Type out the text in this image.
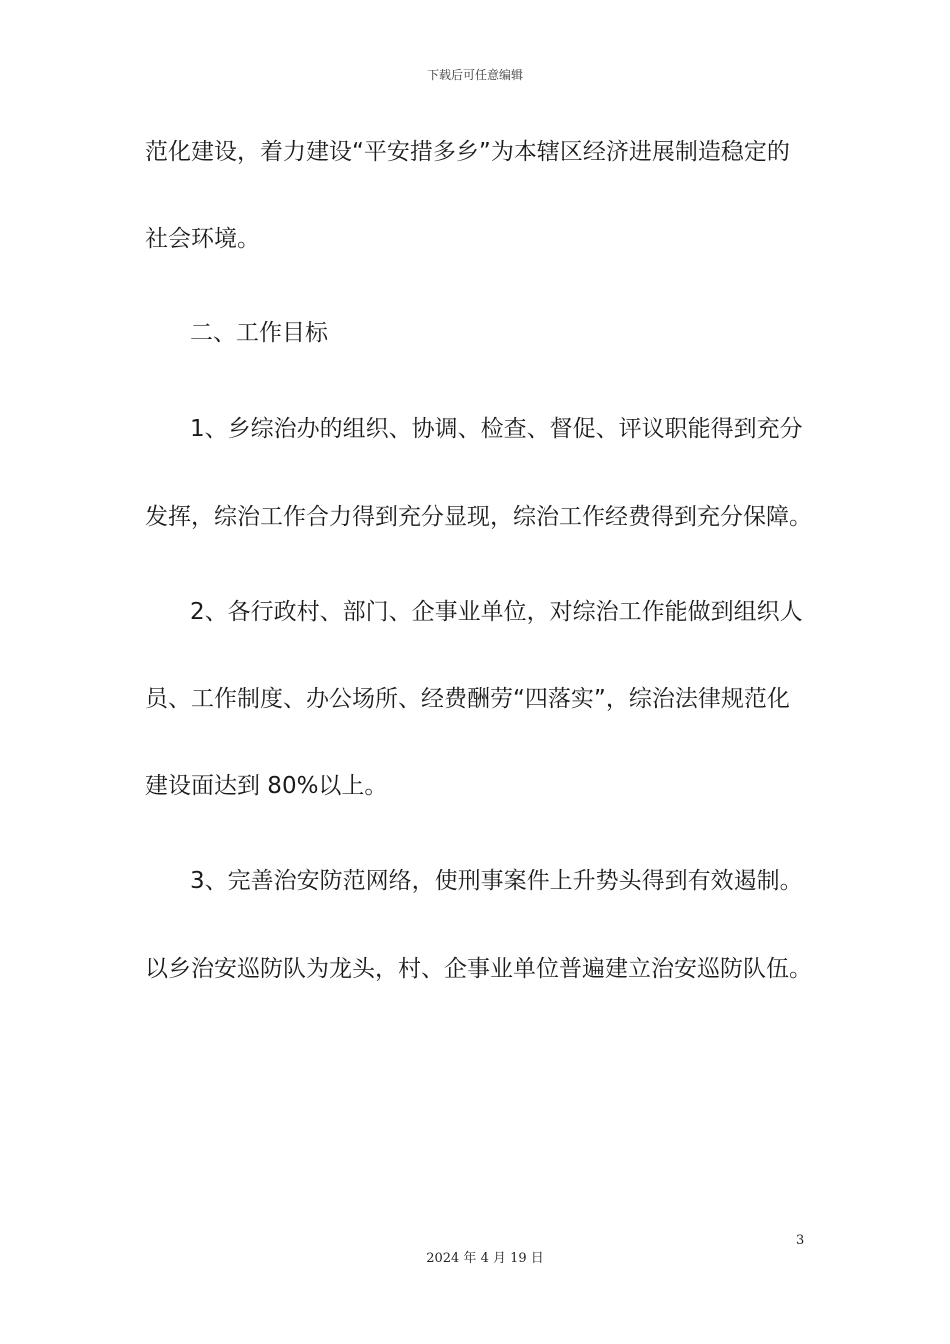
下载后可任意编辑
范化建设，着力建设“平安措多乡”为本辖区经济进展制造稳定的
社会环境。
二、工作目标
1、乡综治办的组织、协调、检查、督促、评议职能得到充分
发挥，综治工作合力得到充分显现，综治工作经费得到充分保障。
2、各行政村、部门、企事业单位，对综治工作能做到组织人
员、工作制度、办公场所、经费酬劳“四落实”，综治法律规范化
建设面达到 80%以上。
3、完善治安防范网络，使刑事案件上升势头得到有效遏制。
以乡治安巡防队为龙头，村、企事业单位普遍建立治安巡防队伍。
3
2024 年 4 月 19 日
